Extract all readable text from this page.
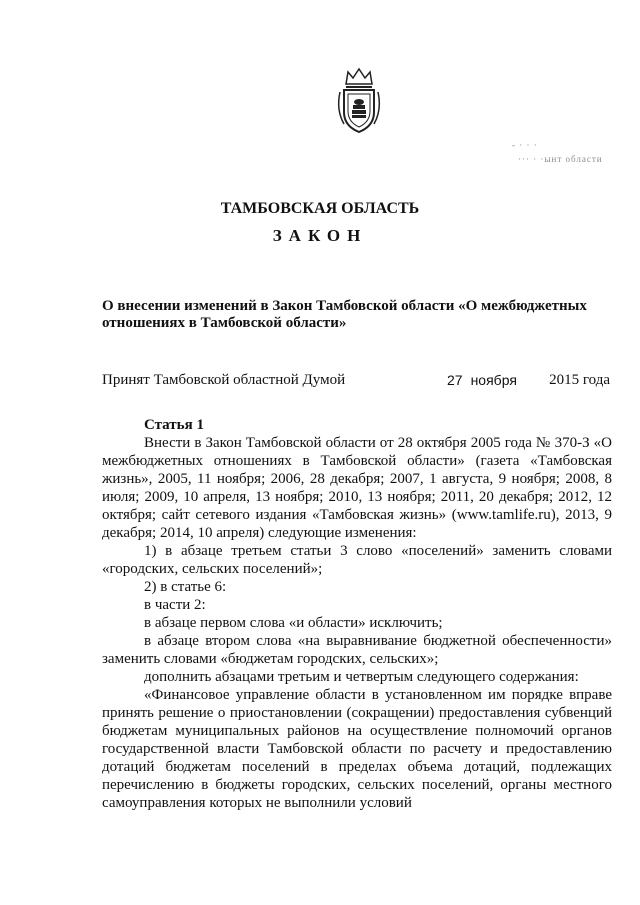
- · · ·
··· · ·ынт области
ТАМБОВСКАЯ ОБЛАСТЬ
ЗАКОН
О внесении изменений в Закон Тамбовской области «О межбюджетных отношениях в Тамбовской области»
Принят Тамбовской областной Думой	27 ноября 2015 года
Статья 1

Внести в Закон Тамбовской области от 28 октября 2005 года № 370-З «О межбюджетных отношениях в Тамбовской области» (газета «Тамбовская жизнь», 2005, 11 ноября; 2006, 28 декабря; 2007, 1 августа, 9 ноября; 2008, 8 июля; 2009, 10 апреля, 13 ноября; 2010, 13 ноября; 2011, 20 декабря; 2012, 12 октября; сайт сетевого издания «Тамбовская жизнь» (www.tamlife.ru), 2013, 9 декабря; 2014, 10 апреля) следующие изменения:

1) в абзаце третьем статьи 3 слово «поселений» заменить словами «городских, сельских поселений»;

2) в статье 6:

в части 2:

в абзаце первом слова «и области» исключить;

в абзаце втором слова «на выравнивание бюджетной обеспеченности» заменить словами «бюджетам городских, сельских»;

дополнить абзацами третьим и четвертым следующего содержания:

«Финансовое управление области в установленном им порядке вправе принять решение о приостановлении (сокращении) предоставления субвенций бюджетам муниципальных районов на осуществление полномочий органов государственной власти Тамбовской области по расчету и предоставлению дотаций бюджетам поселений в пределах объема дотаций, подлежащих перечислению в бюджеты городских, сельских поселений, органы местного самоуправления которых не выполнили условий
